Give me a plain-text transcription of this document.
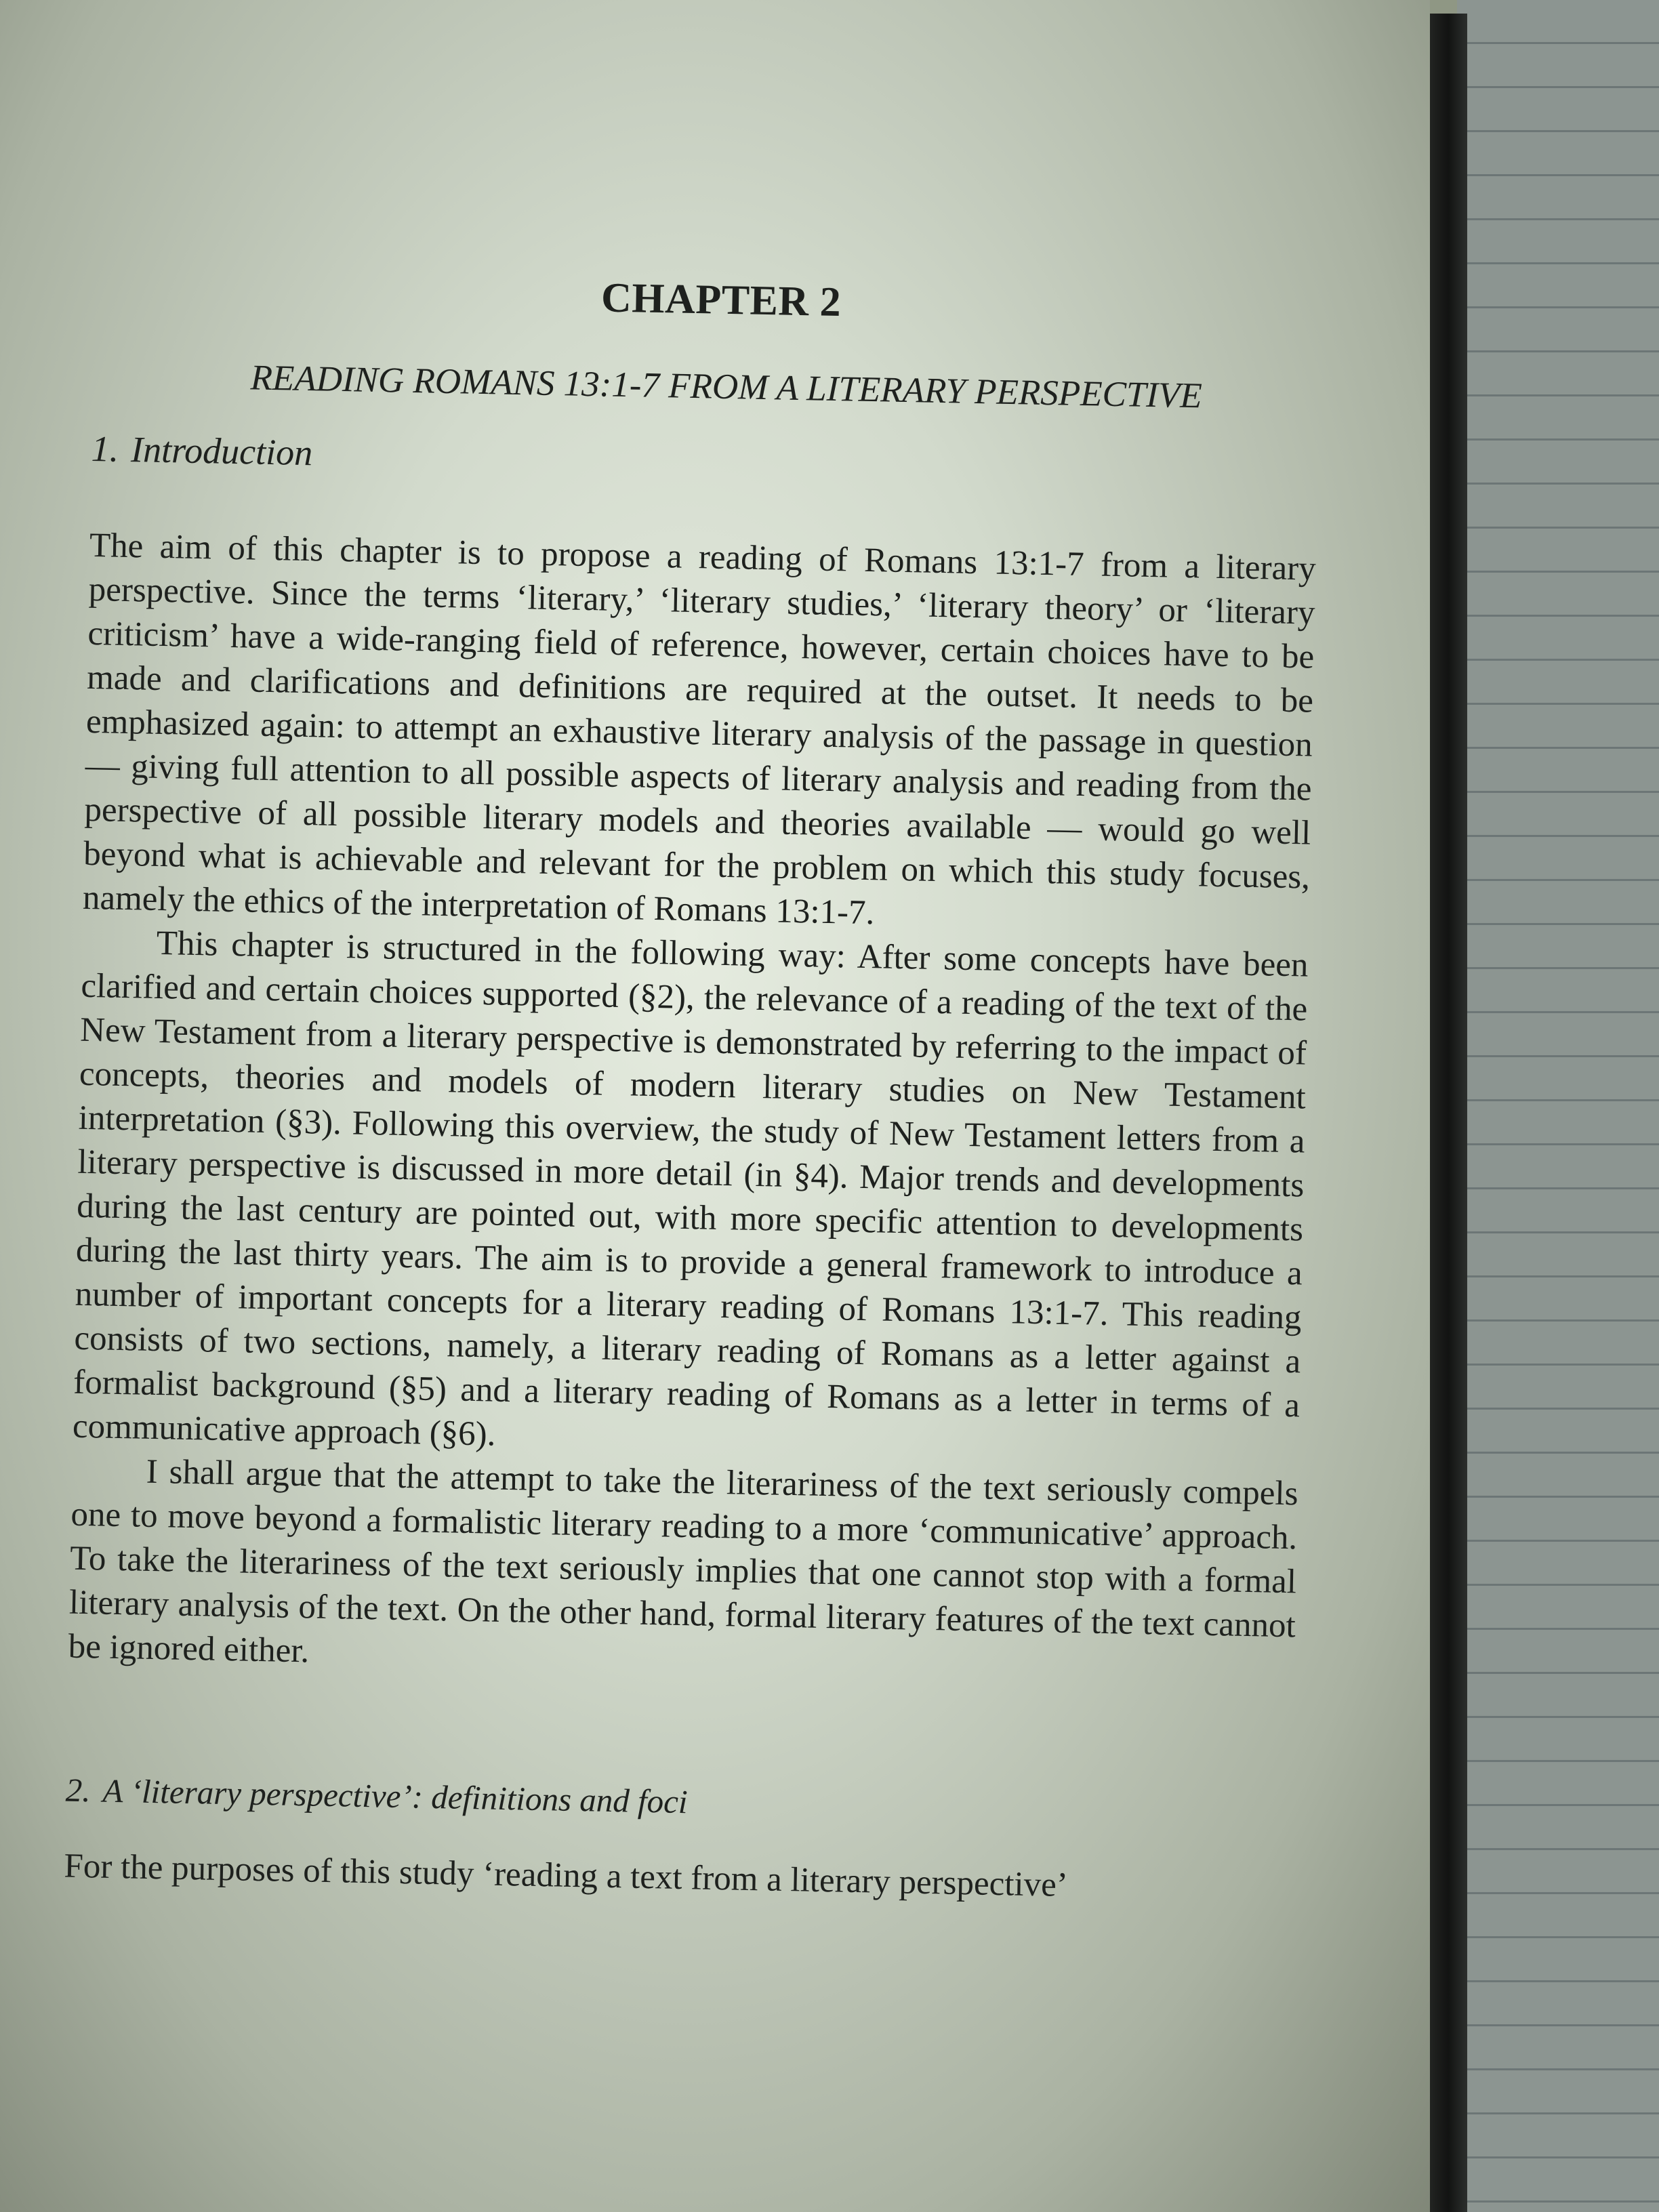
CHAPTER 2
READING ROMANS 13:1-7 FROM A LITERARY PERSPECTIVE
1. Introduction

The aim of this chapter is to propose a reading of Romans 13:1-7 from a literary perspective. Since the terms ‘literary,’ ‘literary studies,’ ‘literary theory’ or ‘literary criticism’ have a wide-ranging field of reference, however, certain choices have to be made and clarifications and definitions are required at the outset. It needs to be emphasized again: to attempt an exhaustive literary analysis of the passage in question — giving full attention to all possible aspects of literary analysis and reading from the perspective of all possible literary models and theories available — would go well beyond what is achievable and relevant for the problem on which this study focuses, namely the ethics of the interpretation of Romans 13:1-7.

This chapter is structured in the following way: After some concepts have been clarified and certain choices supported (§2), the relevance of a reading of the text of the New Testament from a literary perspective is demonstrated by referring to the impact of concepts, theories and models of modern literary studies on New Testament interpretation (§3). Following this overview, the study of New Testament letters from a literary perspective is discussed in more detail (in §4). Major trends and developments during the last century are pointed out, with more specific attention to developments during the last thirty years. The aim is to provide a general framework to introduce a number of important concepts for a literary reading of Romans 13:1-7. This reading consists of two sections, namely, a literary reading of Romans as a letter against a formalist background (§5) and a literary reading of Romans as a letter in terms of a communicative approach (§6).

I shall argue that the attempt to take the literariness of the text seriously compels one to move beyond a formalistic literary reading to a more ‘communicative’ approach. To take the literariness of the text seriously implies that one cannot stop with a formal literary analysis of the text. On the other hand, formal literary features of the text cannot be ignored either.

2. A ‘literary perspective’: definitions and foci

For the purposes of this study ‘reading a text from a literary perspective’
